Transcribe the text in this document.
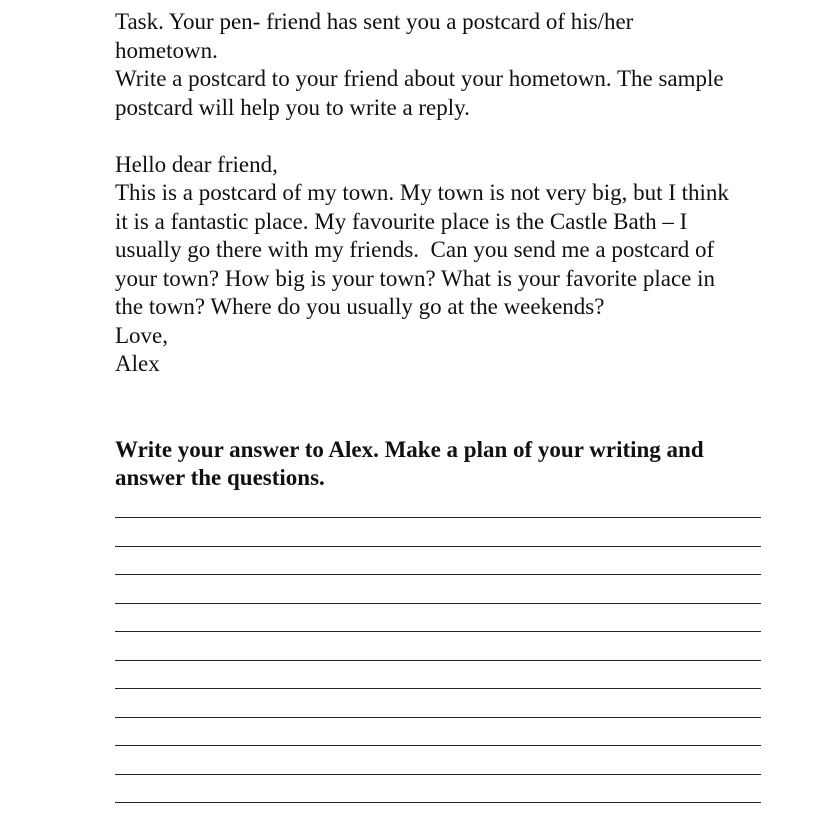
Task. Your pen- friend has sent you a postcard of his/her
hometown.
Write a postcard to your friend about your hometown. The sample
postcard will help you to write a reply.
Hello dear friend,
This is a postcard of my town. My town is not very big, but I think
it is a fantastic place. My favourite place is the Castle Bath – I
usually go there with my friends.  Can you send me a postcard of
your town? How big is your town? What is your favorite place in
the town? Where do you usually go at the weekends?
Love,
Alex
Write your answer to Alex. Make a plan of your writing and
answer the questions.
